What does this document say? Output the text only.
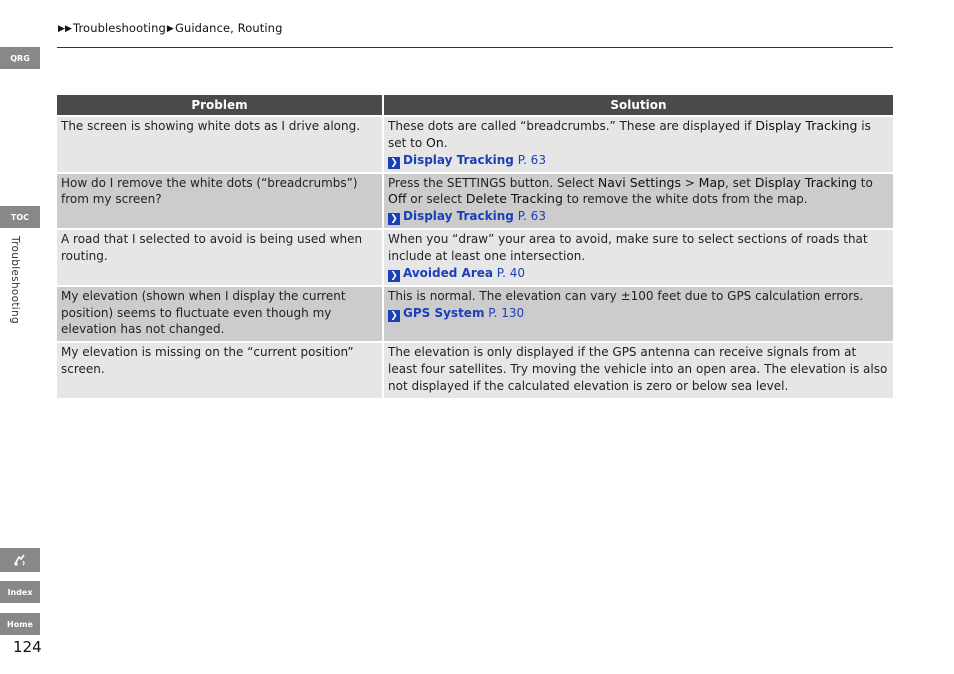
▶▶Troubleshooting▶Guidance, Routing
QRG
TOC
Troubleshooting
Index
Home
124
Problem	Solution
The screen is showing white dots as I drive along.	These dots are called “breadcrumbs.” These are displayed if Display Tracking is set to On.
❯ Display Tracking P. 63
How do I remove the white dots (“breadcrumbs”) from my screen?	Press the SETTINGS button. Select Navi Settings > Map, set Display Tracking to Off or select Delete Tracking to remove the white dots from the map.
❯ Display Tracking P. 63
A road that I selected to avoid is being used when routing.	When you “draw” your area to avoid, make sure to select sections of roads that include at least one intersection.
❯ Avoided Area P. 40
My elevation (shown when I display the current position) seems to fluctuate even though my elevation has not changed.	This is normal. The elevation can vary ±100 feet due to GPS calculation errors.
❯ GPS System P. 130
My elevation is missing on the “current position” screen.	The elevation is only displayed if the GPS antenna can receive signals from at least four satellites. Try moving the vehicle into an open area. The elevation is also not displayed if the calculated elevation is zero or below sea level.
